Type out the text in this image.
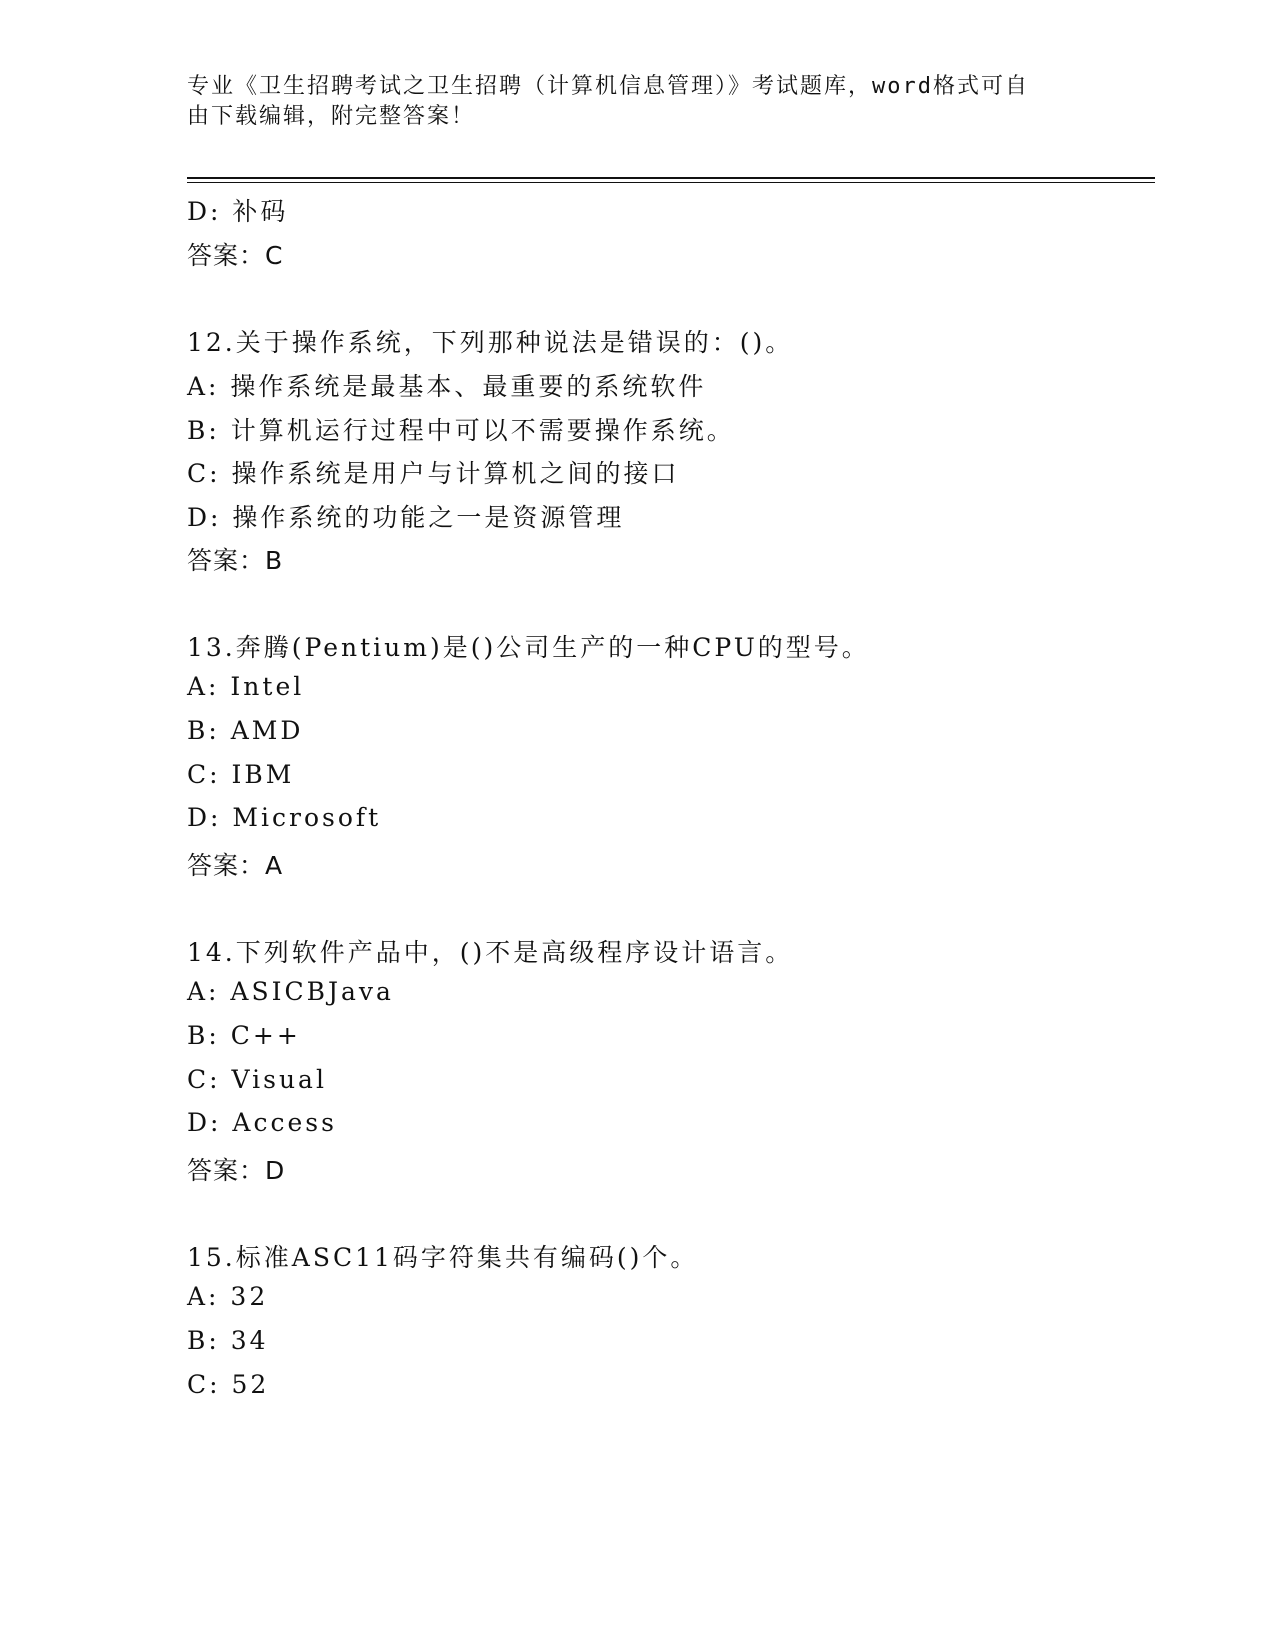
专业《卫生招聘考试之卫生招聘（计算机信息管理）》考试题库，word格式可自
由下载编辑，附完整答案！
D: 补码
答案：C
12.关于操作系统，下列那种说法是错误的：()。
A: 操作系统是最基本、最重要的系统软件
B: 计算机运行过程中可以不需要操作系统。
C: 操作系统是用户与计算机之间的接口
D: 操作系统的功能之一是资源管理
答案：B
13.奔腾(Pentium)是()公司生产的一种CPU的型号。
A: Intel
B: AMD
C: IBM
D: Microsoft
答案：A
14.下列软件产品中，()不是高级程序设计语言。
A: ASICBJava
B: C++
C: Visual
D: Access
答案：D
15.标准ASC11码字符集共有编码()个。
A: 32
B: 34
C: 52
